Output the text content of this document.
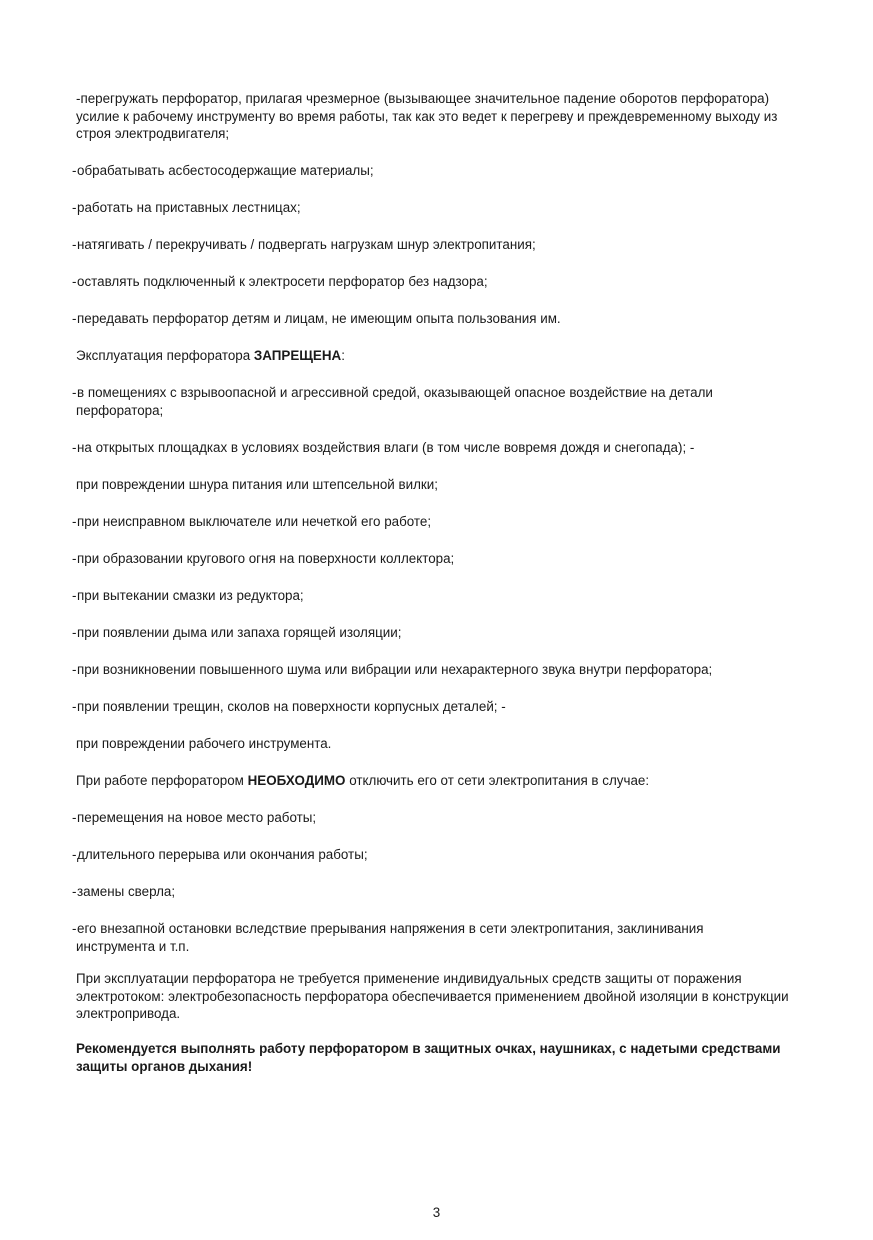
-перегружать перфоратор, прилагая чрезмерное (вызывающее значительное падение оборотов перфоратора) усилие к рабочему инструменту во время работы, так как это ведет к перегреву и преждевременному выходу из строя электродвигателя;

-обрабатывать асбестосодержащие материалы;

-работать на приставных лестницах;

-натягивать / перекручивать / подвергать нагрузкам шнур электропитания;

-оставлять подключенный к электросети перфоратор без надзора;

-передавать перфоратор детям и лицам, не имеющим опыта пользования им.

Эксплуатация перфоратора ЗАПРЕЩЕНА:

-в помещениях с взрывоопасной и агрессивной средой, оказывающей опасное воздействие на детали
перфоратора;

-на открытых площадках в условиях воздействия влаги (в том числе вовремя дождя и снегопада); -

при повреждении шнура питания или штепсельной вилки;

-при неисправном выключателе или нечеткой его работе;

-при образовании кругового огня на поверхности коллектора;

-при вытекании смазки из редуктора;

-при появлении дыма или запаха горящей изоляции;

-при возникновении повышенного шума или вибрации или нехарактерного звука внутри перфоратора;

-при появлении трещин, сколов на поверхности корпусных деталей; -

при повреждении рабочего инструмента.

При работе перфоратором НЕОБХОДИМО отключить его от сети электропитания в случае:

-перемещения на новое место работы;

-длительного перерыва или окончания работы;

-замены сверла;

-его внезапной остановки вследствие прерывания напряжения в сети электропитания, заклинивания
инструмента и т.п.

При эксплуатации перфоратора не требуется применение индивидуальных средств защиты от поражения электротоком: электробезопасность перфоратора обеспечивается применением двойной изоляции в конструкции электропривода.

Рекомендуется выполнять работу перфоратором в защитных очках, наушниках, с надетыми средствами защиты органов дыхания!

3
